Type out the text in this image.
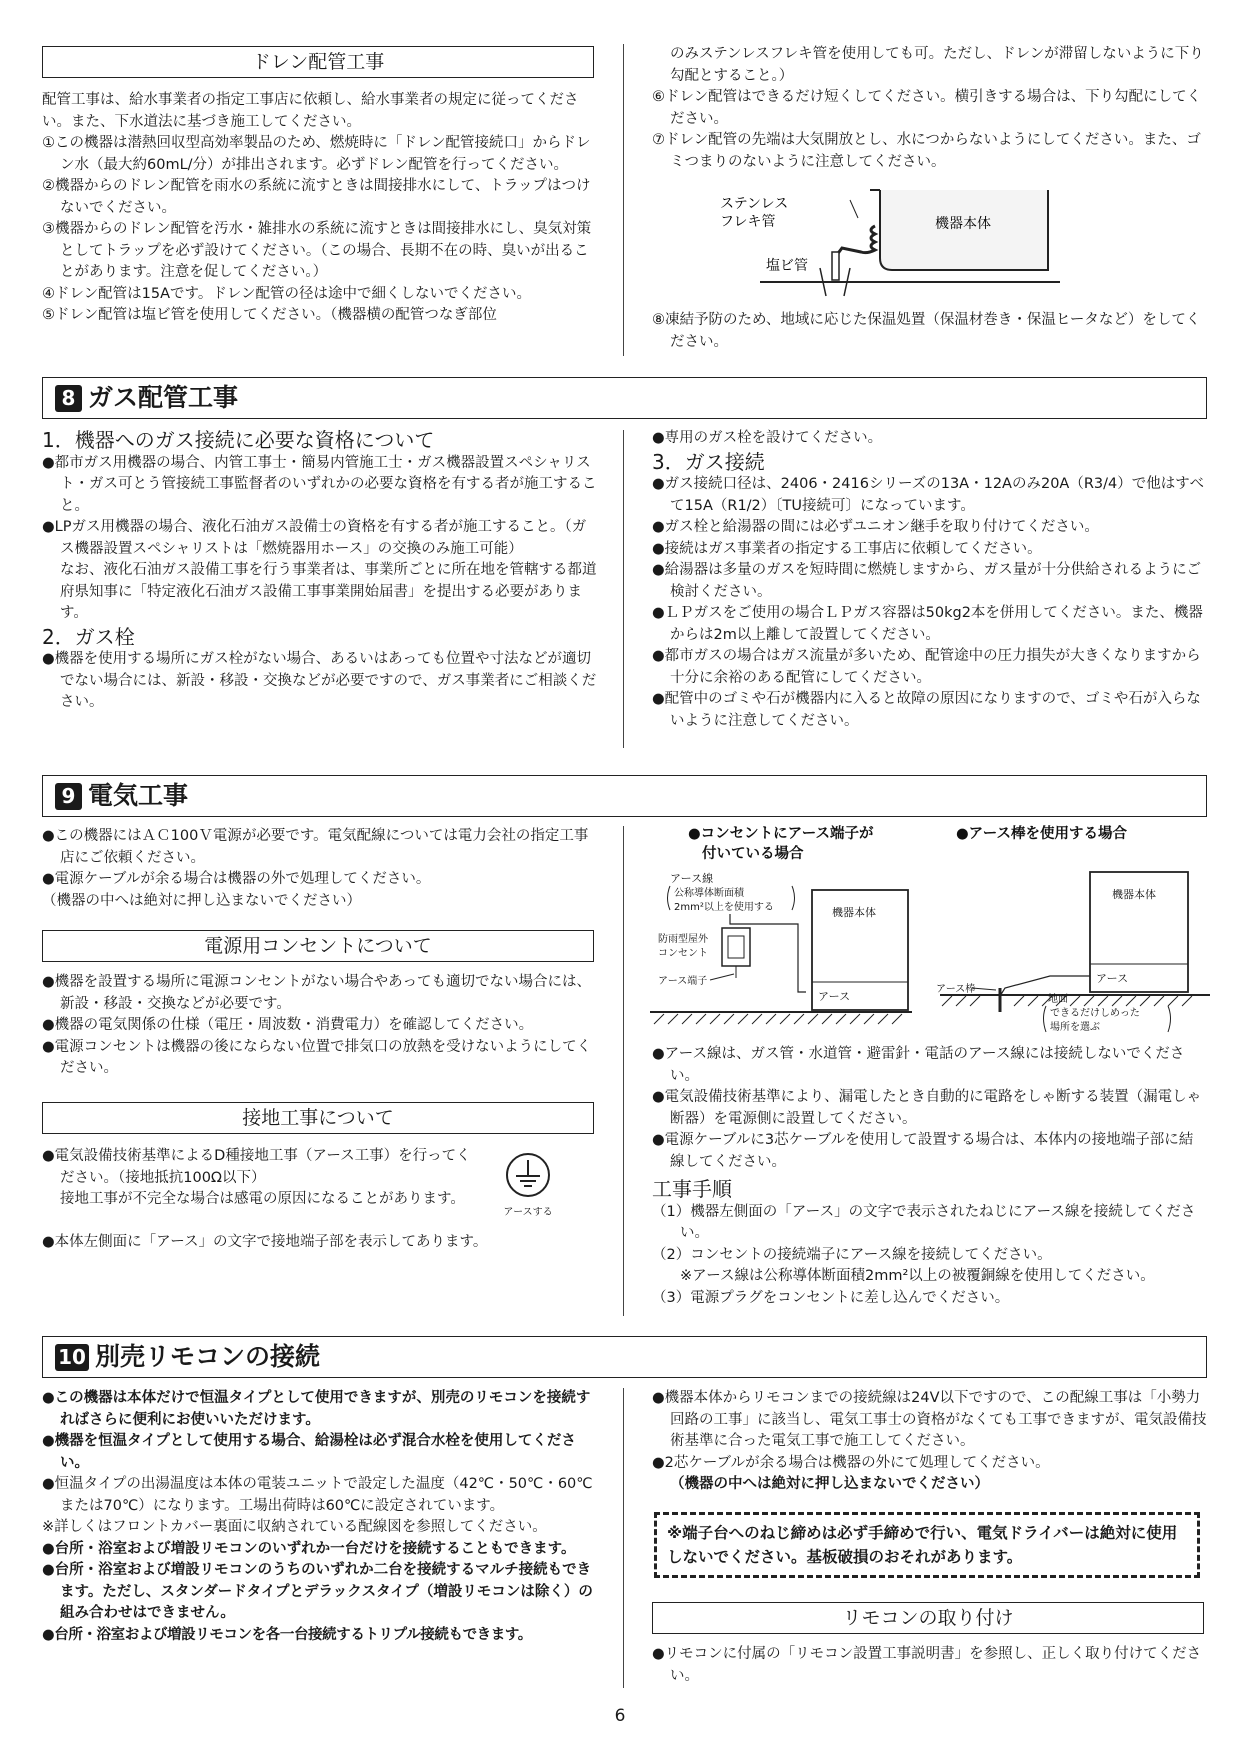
ドレン配管工事

配管工事は、給水事業者の指定工事店に依頼し、給水事業者の規定に従ってください。また、下水道法に基づき施工してください。

①この機器は潜熱回収型高効率製品のため、燃焼時に「ドレン配管接続口」からドレン水（最大約60mL/分）が排出されます。必ずドレン配管を行ってください。

②機器からのドレン配管を雨水の系統に流すときは間接排水にして、トラップはつけないでください。

③機器からのドレン配管を汚水・雑排水の系統に流すときは間接排水にし、臭気対策としてトラップを必ず設けてください。（この場合、長期不在の時、臭いが出ることがあります。注意を促してください。）

④ドレン配管は15Aです。ドレン配管の径は途中で細くしないでください。

⑤ドレン配管は塩ビ管を使用してください。（機器横の配管つなぎ部位

のみステンレスフレキ管を使用しても可。ただし、ドレンが滞留しないように下り勾配とすること。）

⑥ドレン配管はできるだけ短くしてください。横引きする場合は、下り勾配にしてください。

⑦ドレン配管の先端は大気開放とし、水につからないようにしてください。また、ゴミつまりのないように注意してください。

機器本体
ステンレス
フレキ管
塩ビ管

⑧凍結予防のため、地域に応じた保温処置（保温材巻き・保温ヒータなど）をしてください。

8 ガス配管工事

1．機器へのガス接続に必要な資格について

●都市ガス用機器の場合、内管工事士・簡易内管施工士・ガス機器設置スペシャリスト・ガス可とう管接続工事監督者のいずれかの必要な資格を有する者が施工すること。

●LPガス用機器の場合、液化石油ガス設備士の資格を有する者が施工すること。（ガス機器設置スペシャリストは「燃焼器用ホース」の交換のみ施工可能）

なお、液化石油ガス設備工事を行う事業者は、事業所ごとに所在地を管轄する都道府県知事に「特定液化石油ガス設備工事事業開始届書」を提出する必要があります。

2．ガス栓

●機器を使用する場所にガス栓がない場合、あるいはあっても位置や寸法などが適切でない場合には、新設・移設・交換などが必要ですので、ガス事業者にご相談ください。

●専用のガス栓を設けてください。

3．ガス接続

●ガス接続口径は、2406・2416シリーズの13A・12Aのみ20A（R3/4）で他はすべて15A（R1/2）〔TU接続可〕になっています。

●ガス栓と給湯器の間には必ずユニオン継手を取り付けてください。

●接続はガス事業者の指定する工事店に依頼してください。

●給湯器は多量のガスを短時間に燃焼しますから、ガス量が十分供給されるようにご検討ください。

●ＬＰガスをご使用の場合ＬＰガス容器は50kg2本を併用してください。また、機器からは2m以上離して設置してください。

●都市ガスの場合はガス流量が多いため、配管途中の圧力損失が大きくなりますから十分に余裕のある配管にしてください。

●配管中のゴミや石が機器内に入ると故障の原因になりますので、ゴミや石が入らないように注意してください。

9 電気工事

●この機器にはＡＣ100Ｖ電源が必要です。電気配線については電力会社の指定工事店にご依頼ください。

●電源ケーブルが余る場合は機器の外で処理してください。

（機器の中へは絶対に押し込まないでください）

電源用コンセントについて

●機器を設置する場所に電源コンセントがない場合やあっても適切でない場合には、新設・移設・交換などが必要です。

●機器の電気関係の仕様（電圧・周波数・消費電力）を確認してください。

●電源コンセントは機器の後にならない位置で排気口の放熱を受けないようにしてください。

接地工事について

●電気設備技術基準によるD種接地工事（アース工事）を行ってください。（接地抵抗100Ω以下）

接地工事が不完全な場合は感電の原因になることがあります。

アースする

●本体左側面に「アース」の文字で接地端子部を表示してあります。

●コンセントにアース端子が
付いている場合
●アース棒を使用する場合
アース線
公称導体断面積
2mm²以上を使用する	機器本体
アース
防雨型屋外
コンセント
アース端子
機器本体
アース
アース棒
地面
できるだけしめった
場所を選ぶ

●アース線は、ガス管・水道管・避雷針・電話のアース線には接続しないでください。

●電気設備技術基準により、漏電したとき自動的に電路をしゃ断する装置（漏電しゃ断器）を電源側に設置してください。

●電源ケーブルに3芯ケーブルを使用して設置する場合は、本体内の接地端子部に結線してください。

工事手順

（1）機器左側面の「アース」の文字で表示されたねじにアース線を接続してください。

（2）コンセントの接続端子にアース線を接続してください。

※アース線は公称導体断面積2mm²以上の被覆銅線を使用してください。

（3）電源プラグをコンセントに差し込んでください。

10 別売リモコンの接続

●この機器は本体だけで恒温タイプとして使用できますが、別売のリモコンを接続すればさらに便利にお使いいただけます。

●機器を恒温タイプとして使用する場合、給湯栓は必ず混合水栓を使用してください。

●恒温タイプの出湯温度は本体の電装ユニットで設定した温度（42℃・50℃・60℃または70℃）になります。工場出荷時は60℃に設定されています。

※詳しくはフロントカバー裏面に収納されている配線図を参照してください。

●台所・浴室および増設リモコンのいずれか一台だけを接続することもできます。

●台所・浴室および増設リモコンのうちのいずれか二台を接続するマルチ接続もできます。ただし、スタンダードタイプとデラックスタイプ（増設リモコンは除く）の組み合わせはできません。

●台所・浴室および増設リモコンを各一台接続するトリプル接続もできます。

●機器本体からリモコンまでの接続線は24V以下ですので、この配線工事は「小勢力回路の工事」に該当し、電気工事士の資格がなくても工事できますが、電気設備技術基準に合った電気工事で施工してください。

●2芯ケーブルが余る場合は機器の外にて処理してください。

（機器の中へは絶対に押し込まないでください）

※端子台へのねじ締めは必ず手締めで行い、電気ドライバーは絶対に使用しないでください。基板破損のおそれがあります。
リモコンの取り付け

●リモコンに付属の「リモコン設置工事説明書」を参照し、正しく取り付けてください。

6
